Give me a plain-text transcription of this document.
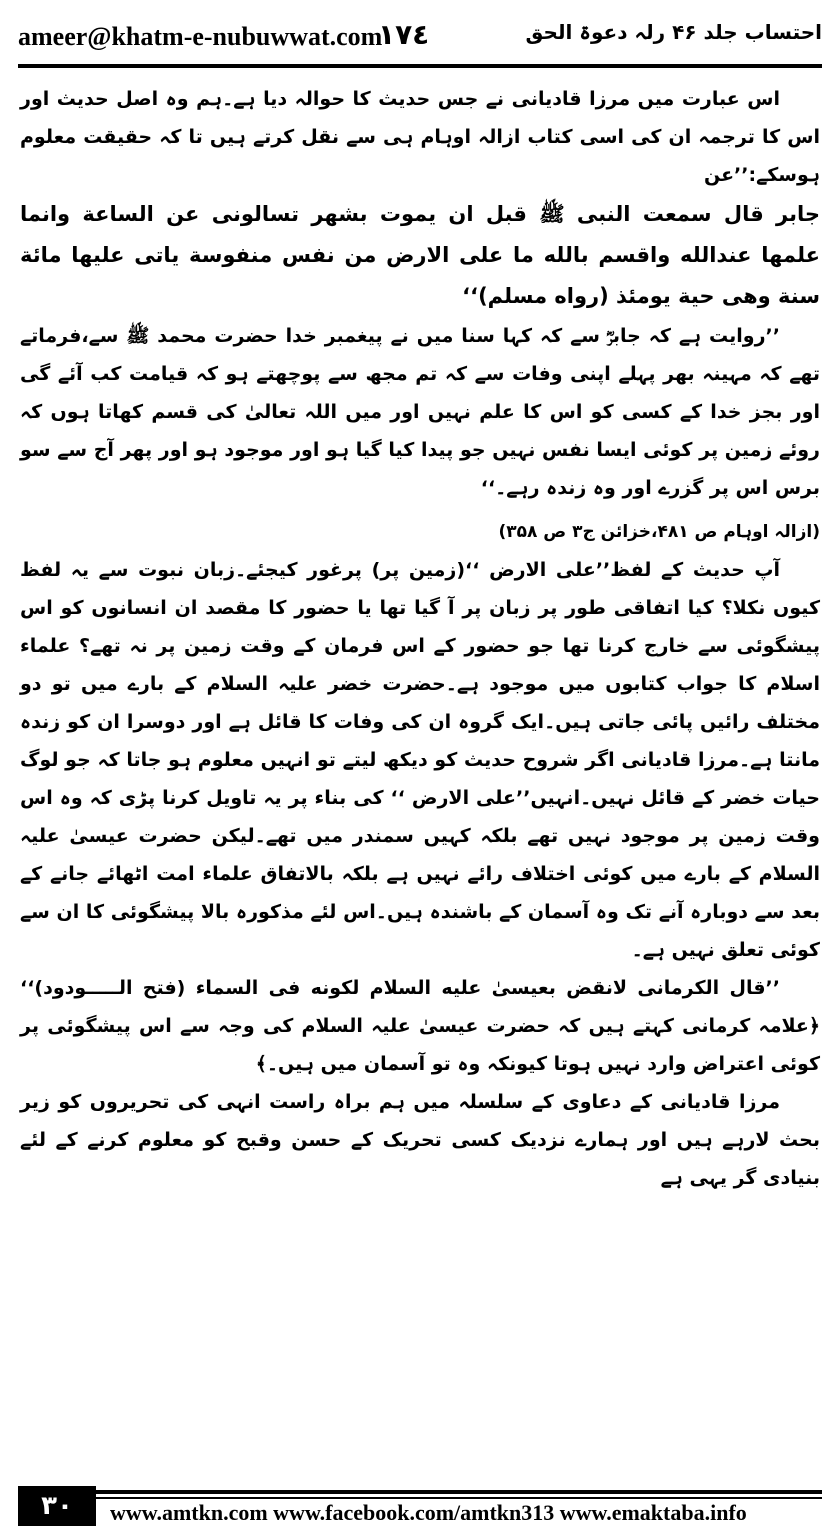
ameer@khatm-e-nubuwwat.com
١٧٤	احتساب جلد ۴۶ رلہ دعوۃ الحق

اس عبارت میں مرزا قادیانی نے جس حدیث کا حوالہ دیا ہے۔ہم وہ اصل حدیث اور اس کا ترجمہ ان کی اسی کتاب ازالہ اوہام ہی سے نقل کرتے ہیں تا کہ حقیقت معلوم ہوسکے:’’عن

جابر قال سمعت النبی ﷺ قبل ان یموت بشھر تسالونی عن الساعة وانما علمها عندالله واقسم بالله ما علی الارض من نفس منفوسة یاتی علیها مائة سنة وهی حیة یومئذ (رواه مسلم)‘‘

’’روایت ہے کہ جابرؓ سے کہ کہا سنا میں نے پیغمبر خدا حضرت محمد ﷺ سے،فرماتے تھے کہ مہینہ بھر پہلے اپنی وفات سے کہ تم مجھ سے پوچھتے ہو کہ قیامت کب آئے گی اور بجز خدا کے کسی کو اس کا علم نہیں اور میں اللہ تعالیٰ کی قسم کھاتا ہوں کہ روئے زمین پر کوئی ایسا نفس نہیں جو پیدا کیا گیا ہو اور موجود ہو اور پھر آج سے سو برس اس پر گزرے اور وہ زندہ رہے۔‘‘

(ازالہ اوہام ص ۴۸۱،خزائن ج۳ ص ۳۵۸)

آپ حدیث کے لفظ’’علی الارض ‘‘(زمین پر) پرغور کیجئے۔زبان نبوت سے یہ لفظ کیوں نکلا؟ کیا اتفاقی طور پر زبان پر آ گیا تھا یا حضور کا مقصد ان انسانوں کو اس پیشگوئی سے خارج کرنا تھا جو حضور کے اس فرمان کے وقت زمین پر نہ تھے؟ علماء اسلام کا جواب کتابوں میں موجود ہے۔حضرت خضر علیہ السلام کے بارے میں تو دو مختلف رائیں پائی جاتی ہیں۔ایک گروہ ان کی وفات کا قائل ہے اور دوسرا ان کو زندہ مانتا ہے۔مرزا قادیانی اگر شروح حدیث کو دیکھ لیتے تو انہیں معلوم ہو جاتا کہ جو لوگ حیات خضر کے قائل نہیں۔انہیں’’علی الارض ‘‘ کی بناء پر یہ تاویل کرنا پڑی کہ وہ اس وقت زمین پر موجود نہیں تھے بلکہ کہیں سمندر میں تھے۔لیکن حضرت عیسیٰ علیہ السلام کے بارے میں کوئی اختلاف رائے نہیں ہے بلکہ بالاتفاق علماء امت اٹھائے جانے کے بعد سے دوبارہ آنے تک وہ آسمان کے باشندہ ہیں۔اس لئے مذکورہ بالا پیشگوئی کا ان سے کوئی تعلق نہیں ہے۔

’’قال الکرمانی لانقض بعیسیٰ علیه السلام لکونه فی السماء (فتح الـــــودود)‘‘ ﴿علامہ کرمانی کہتے ہیں کہ حضرت عیسیٰ علیہ السلام کی وجہ سے اس پیشگوئی پر کوئی اعتراض وارد نہیں ہوتا کیونکہ وہ تو آسمان میں ہیں۔﴾

مرزا قادیانی کے دعاوی کے سلسلہ میں ہم براہ راست انہی کی تحریروں کو زیر بحث لارہے ہیں اور ہمارے نزدیک کسی تحریک کے حسن وقبح کو معلوم کرنے کے لئے بنیادی گر یہی ہے

٣٠	www.amtkn.com www.facebook.com/amtkn313 www.emaktaba.info
